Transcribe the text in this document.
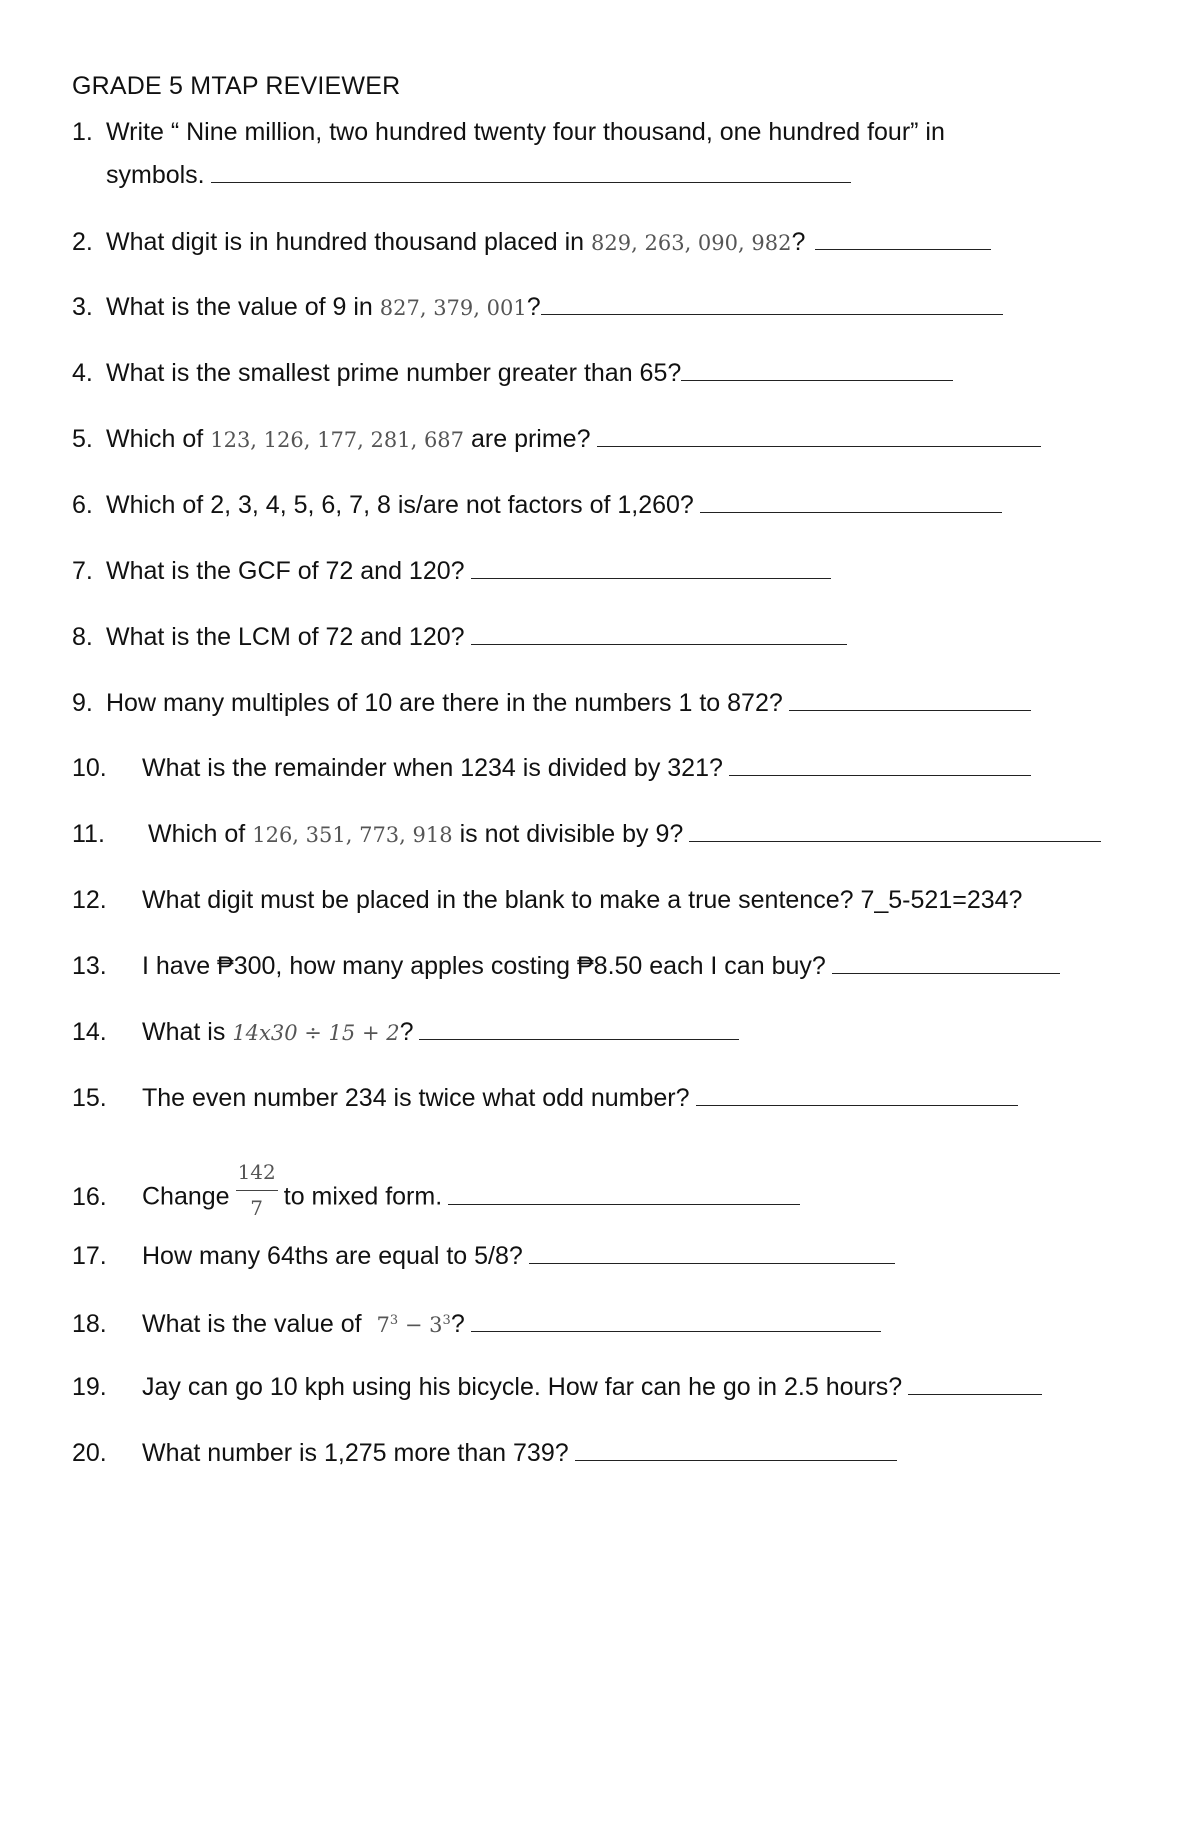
GRADE 5 MTAP REVIEWER
1. Write “ Nine million, two hundred twenty four thousand, one hundred four” in
symbols.
2. What digit is in hundred thousand placed in 829, 263, 090, 982?
3. What is the value of 9 in 827, 379, 001?
4. What is the smallest prime number greater than 65?
5. Which of 123, 126, 177, 281, 687 are prime?
6. Which of 2, 3, 4, 5, 6, 7, 8 is/are not factors of 1,260?
7. What is the GCF of 72 and 120?
8. What is the LCM of 72 and 120?
9. How many multiples of 10 are there in the numbers 1 to 872?
10. What is the remainder when 1234 is divided by 321?
11. Which of 126, 351, 773, 918 is not divisible by 9?
12. What digit must be placed in the blank to make a true sentence? 7_5-521=234?
13. I have ₱300, how many apples costing ₱8.50 each I can buy?
14. What is 14x30 ÷ 15 + 2?
15. The even number 234 is twice what odd number?
16. Change $\frac{142}{7}$ to mixed form.
17. How many 64ths are equal to 5/8?
18. What is the value of $7^3 - 3^3$?
19. Jay can go 10 kph using his bicycle. How far can he go in 2.5 hours?
20. What number is 1,275 more than 739?
